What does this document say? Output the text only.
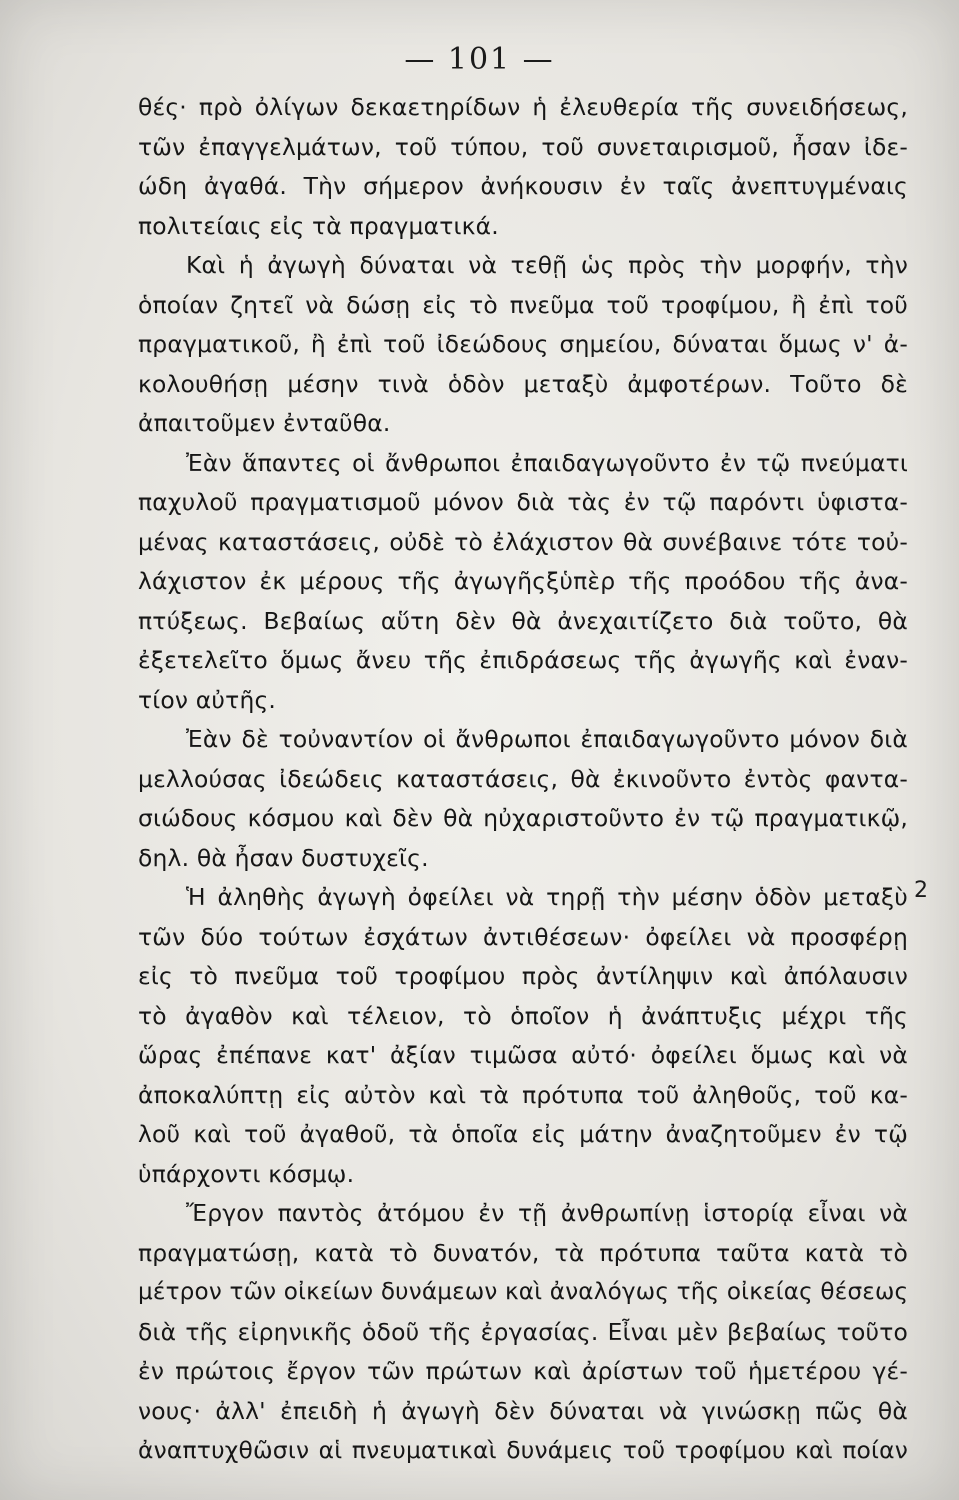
— 101 —
θές· πρὸ ὀλίγων δεκαετηρίδων ἡ ἐλευθερία τῆς συνειδήσεως,
τῶν ἐπαγγελμάτων, τοῦ τύπου, τοῦ συνεταιρισμοῦ, ἦσαν ἰδε-
ώδη ἀγαθά. Τὴν σήμερον ἀνήκουσιν ἐν ταῖς ἀνεπτυγμέναις
πολιτείαις εἰς τὰ πραγματικά.
Καὶ ἡ ἀγωγὴ δύναται νὰ τεθῇ ὡς πρὸς τὴν μορφήν, τὴν
ὁποίαν ζητεῖ νὰ δώσῃ εἰς τὸ πνεῦμα τοῦ τροφίμου, ἢ ἐπὶ τοῦ
πραγματικοῦ, ἢ ἐπὶ τοῦ ἰδεώδους σημείου, δύναται ὅμως ν' ἀ-
κολουθήσῃ μέσην τινὰ ὁδὸν μεταξὺ ἀμφοτέρων. Τοῦτο δὲ
ἀπαιτοῦμεν ἐνταῦθα.
Ἐὰν ἅπαντες οἱ ἄνθρωποι ἐπαιδαγωγοῦντο ἐν τῷ πνεύματι
παχυλοῦ πραγματισμοῦ μόνον διὰ τὰς ἐν τῷ παρόντι ὑφιστα-
μένας καταστάσεις, οὐδὲ τὸ ἐλάχιστον θὰ συνέβαινε τότε τοὐ-
λάχιστον ἐκ μέρους τῆς ἀγωγῆςξὑπὲρ τῆς προόδου τῆς ἀνα-
πτύξεως. Βεβαίως αὕτη δὲν θὰ ἀνεχαιτίζετο διὰ τοῦτο, θὰ
ἐξετελεῖτο ὅμως ἄνευ τῆς ἐπιδράσεως τῆς ἀγωγῆς καὶ ἐναν-
τίον αὐτῆς.
Ἐὰν δὲ τοὐναντίον οἱ ἄνθρωποι ἐπαιδαγωγοῦντο μόνον διὰ
μελλούσας ἰδεώδεις καταστάσεις, θὰ ἐκινοῦντο ἐντὸς φαντα-
σιώδους κόσμου καὶ δὲν θὰ ηὐχαριστοῦντο ἐν τῷ πραγματικῷ,
δηλ. θὰ ἦσαν δυστυχεῖς.
Ἡ ἀληθὴς ἀγωγὴ ὀφείλει νὰ τηρῇ τὴν μέσην ὁδὸν μεταξὺ
τῶν δύο τούτων ἐσχάτων ἀντιθέσεων· ὀφείλει νὰ προσφέρῃ
εἰς τὸ πνεῦμα τοῦ τροφίμου πρὸς ἀντίληψιν καὶ ἀπόλαυσιν
τὸ ἀγαθὸν καὶ τέλειον, τὸ ὁποῖον ἡ ἀνάπτυξις μέχρι τῆς
ὥρας ἐπέπανε κατ' ἀξίαν τιμῶσα αὐτό· ὀφείλει ὅμως καὶ νὰ
ἀποκαλύπτῃ εἰς αὐτὸν καὶ τὰ πρότυπα τοῦ ἀληθοῦς, τοῦ κα-
λοῦ καὶ τοῦ ἀγαθοῦ, τὰ ὁποῖα εἰς μάτην ἀναζητοῦμεν ἐν τῷ
ὑπάρχοντι κόσμῳ.
Ἔργον παντὸς ἀτόμου ἐν τῇ ἀνθρωπίνῃ ἱστορίᾳ εἶναι νὰ
πραγματώσῃ, κατὰ τὸ δυνατόν, τὰ πρότυπα ταῦτα κατὰ τὸ
μέτρον τῶν οἰκείων δυνάμεων καὶ ἀναλόγως τῆς οἰκείας θέσεως
διὰ τῆς εἰρηνικῆς ὁδοῦ τῆς ἐργασίας. Εἶναι μὲν βεβαίως τοῦτο
ἐν πρώτοις ἔργον τῶν πρώτων καὶ ἀρίστων τοῦ ἡμετέρου γέ-
νους· ἀλλ' ἐπειδὴ ἡ ἀγωγὴ δὲν δύναται νὰ γινώσκῃ πῶς θὰ
ἀναπτυχθῶσιν αἱ πνευματικαὶ δυνάμεις τοῦ τροφίμου καὶ ποίαν
2
